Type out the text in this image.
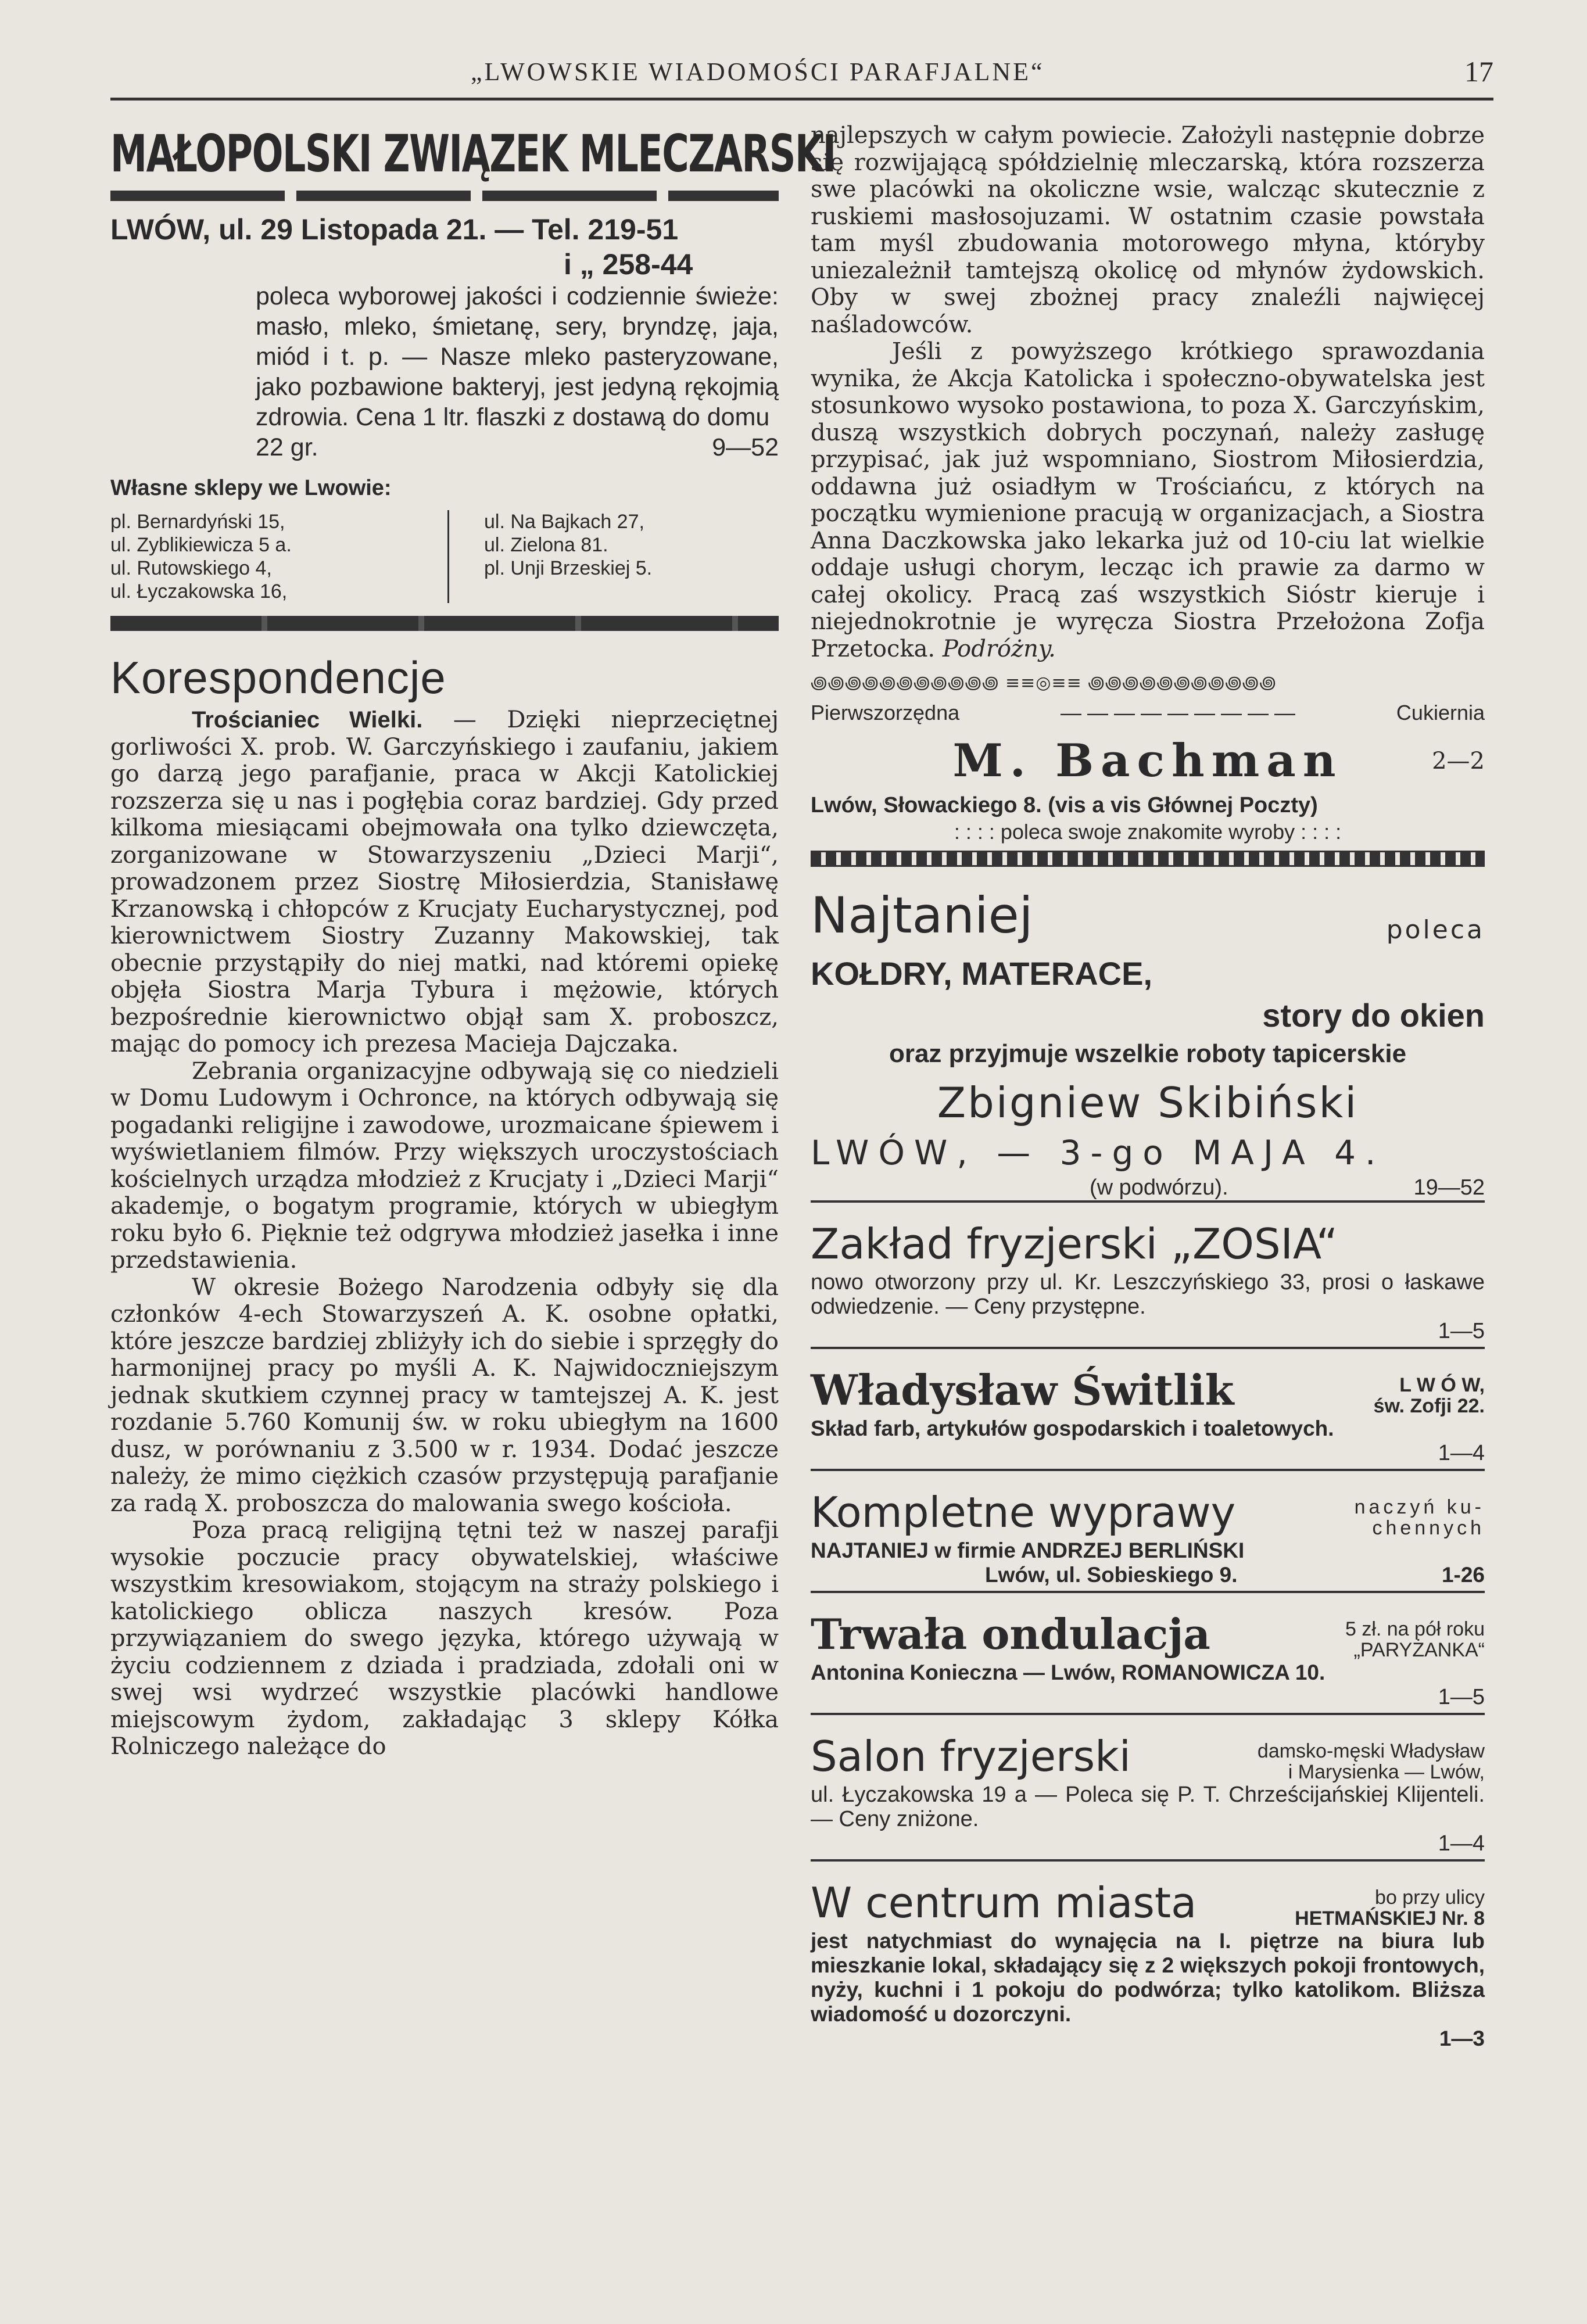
„LWOWSKIE WIADOMOŚCI PARAFJALNE“	17
MAŁOPOLSKI ZWIĄZEK MLECZARSKI
LWÓW, ul. 29 Listopada 21. — Tel. 219-51
i „ 258-44
poleca wyborowej jakości i codziennie świeże: masło, mleko, śmietanę, sery, bryndzę, jaja, miód i t. p. — Nasze mleko pasteryzowane, jako pozbawione bakteryj, jest jedyną rękojmią zdrowia. Cena 1 ltr. flaszki z dostawą do domu
22 gr.	9—52
Własne sklepy we Lwowie:
pl. Bernardyński 15,
ul. Zyblikiewicza 5 a.
ul. Rutowskiego 4,
ul. Łyczakowska 16,
ul. Na Bajkach 27,
ul. Zielona 81.
pl. Unji Brzeskiej 5.
Korespondencje

Trościaniec Wielki. — Dzięki nieprzeciętnej gorliwości X. prob. W. Garczyńskiego i zaufaniu, jakiem go darzą jego parafjanie, praca w Akcji Katolickiej rozszerza się u nas i pogłębia coraz bardziej. Gdy przed kilkoma miesiącami obejmowała ona tylko dziewczęta, zorganizowane w Stowarzyszeniu „Dzieci Marji“, prowadzonem przez Siostrę Miłosierdzia, Stanisławę Krzanowską i chłopców z Krucjaty Eucharystycznej, pod kierownictwem Siostry Zuzanny Makowskiej, tak obecnie przystąpiły do niej matki, nad któremi opiekę objęła Siostra Marja Tybura i mężowie, których bezpośrednie kierownictwo objął sam X. proboszcz, mając do pomocy ich prezesa Macieja Dajczaka.

Zebrania organizacyjne odbywają się co niedzieli w Domu Ludowym i Ochronce, na których odbywają się pogadanki religijne i zawodowe, urozmaicane śpiewem i wyświetlaniem filmów. Przy większych uroczystościach kościelnych urządza młodzież z Krucjaty i „Dzieci Marji“ akademje, o bogatym programie, których w ubiegłym roku było 6. Pięknie też odgrywa młodzież jasełka i inne przedstawienia.

W okresie Bożego Narodzenia odbyły się dla członków 4-ech Stowarzyszeń A. K. osobne opłatki, które jeszcze bardziej zbliżyły ich do siebie i sprzęgły do harmonijnej pracy po myśli A. K. Najwidoczniejszym jednak skutkiem czynnej pracy w tamtejszej A. K. jest rozdanie 5.760 Komunij św. w roku ubiegłym na 1600 dusz, w porównaniu z 3.500 w r. 1934. Dodać jeszcze należy, że mimo ciężkich czasów przystępują parafjanie za radą X. proboszcza do malowania swego kościoła.

Poza pracą religijną tętni też w naszej parafji wysokie poczucie pracy obywatelskiej, właściwe wszystkim kresowiakom, stojącym na straży polskiego i katolickiego oblicza naszych kresów. Poza przywiązaniem do swego języka, którego używają w życiu codziennem z dziada i pradziada, zdołali oni w swej wsi wydrzeć wszystkie placówki handlowe miejscowym żydom, zakładając 3 sklepy Kółka Rolniczego należące do

najlepszych w całym powiecie. Założyli następnie dobrze się rozwijającą spółdzielnię mleczarską, która rozszerza swe placówki na okoliczne wsie, walcząc skutecznie z ruskiemi masłosojuzami. W ostatnim czasie powstała tam myśl zbudowania motorowego młyna, któryby uniezależnił tamtejszą okolicę od młynów żydowskich. Oby w swej zbożnej pracy znaleźli najwięcej naśladowców.

Jeśli z powyższego krótkiego sprawozdania wynika, że Akcja Katolicka i społeczno-obywatelska jest stosunkowo wysoko postawiona, to poza X. Garczyńskim, duszą wszystkich dobrych poczynań, należy zasługę przypisać, jak już wspomniano, Siostrom Miłosierdzia, oddawna już osiadłym w Trościańcu, z których na początku wymienione pracują w organizacjach, a Siostra Anna Daczkowska jako lekarka już od 10-ciu lat wielkie oddaje usługi chorym, lecząc ich prawie za darmo w całej okolicy. Pracą zaś wszystkich Sióstr kieruje i niejednokrotnie je wyręcza Siostra Przełożona Zofja Przetocka. Podróżny.

꩜꩜꩜꩜꩜꩜꩜꩜꩜꩜꩜ ≡≡◎≡≡ ꩜꩜꩜꩜꩜꩜꩜꩜꩜꩜꩜
Pierwszorzędna	— — — — — — — — —	Cukiernia
M. Bachman	2—2
Lwów, Słowackiego 8. (vis a vis Głównej Poczty)
: : : : poleca swoje znakomite wyroby : : : :
Najtaniej	poleca
KOŁDRY, MATERACE,
story do okien
oraz przyjmuje wszelkie roboty tapicerskie
Zbigniew Skibiński
LWÓW, — 3-go MAJA 4.
(w podwórzu).	19—52
Zakład fryzjerski „ZOSIA“
nowo otworzony przy ul. Kr. Leszczyńskiego 33, prosi o łaskawe odwiedzenie. — Ceny przystępne.
1—5
Władysław Świtlik	L W Ó W,
św. Zofji 22.
Skład farb, artykułów gospodarskich i toaletowych.
1—4
Kompletne wyprawy	naczyń ku-
chennych
NAJTANIEJ w firmie ANDRZEJ BERLIŃSKI
Lwów, ul. Sobieskiego 9.	1-26
Trwała ondulacja	5 zł. na pół roku
„PARYŻANKA“
Antonina Konieczna — Lwów, ROMANOWICZA 10.
1—5
Salon fryzjerski	damsko-męski Władysław
i Marysienka — Lwów,
ul. Łyczakowska 19 a — Poleca się P. T. Chrześcijańskiej Klijenteli. — Ceny zniżone.
1—4
W centrum miasta	bo przy ulicy
HETMAŃSKIEJ Nr. 8
jest natychmiast do wynajęcia na I. piętrze na biura lub mieszkanie lokal, składający się z 2 większych pokoji frontowych, nyży, kuchni i 1 pokoju do podwórza; tylko katolikom. Bliższa wiadomość u dozorczyni.
1—3
